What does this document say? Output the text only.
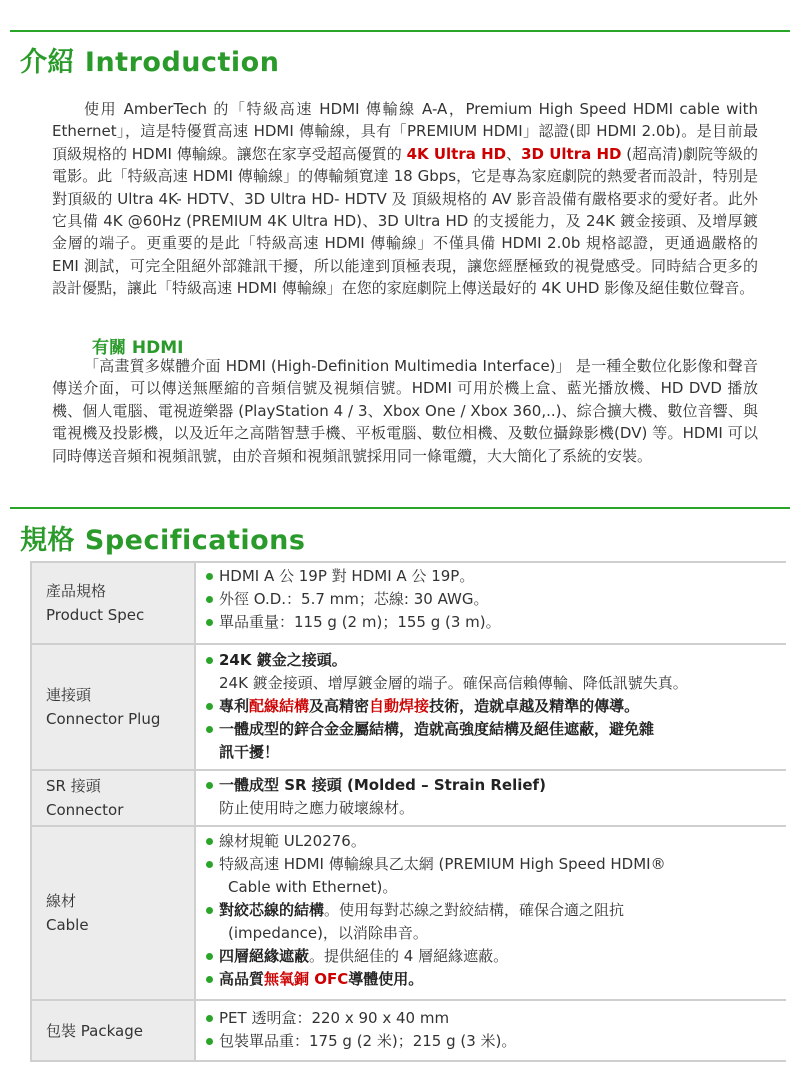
介紹 Introduction
使用 AmberTech 的「特級高速 HDMI 傳輸線 A-A，Premium High Speed HDMI cable with Ethernet」，這是特優質高速 HDMI 傳輸線，具有「PREMIUM HDMI」認證(即 HDMI 2.0b)。是目前最頂級規格的 HDMI 傳輸線。讓您在家享受超高優質的 4K Ultra HD、3D Ultra HD (超高清)劇院等級的電影。此「特級高速 HDMI 傳輸線」的傳輸頻寬達 18 Gbps，它是專為家庭劇院的熱愛者而設計，特別是對頂級的 Ultra 4K- HDTV、3D Ultra HD- HDTV 及 頂級規格的 AV 影音設備有嚴格要求的愛好者。此外它具備 4K @60Hz (PREMIUM 4K Ultra HD)、3D Ultra HD 的支援能力，及 24K 鍍金接頭、及增厚鍍金層的端子。更重要的是此「特級高速 HDMI 傳輸線」不僅具備 HDMI 2.0b 規格認證，更通過嚴格的 EMI 測試，可完全阻絕外部雜訊干擾，所以能達到頂極表現，讓您經歷極致的視覺感受。同時結合更多的設計優點，讓此「特級高速 HDMI 傳輸線」在您的家庭劇院上傳送最好的 4K UHD 影像及絕佳數位聲音。
有關 HDMI
「高畫質多媒體介面 HDMI (High-Definition Multimedia Interface)」 是一種全數位化影像和聲音傳送介面，可以傳送無壓縮的音頻信號及視頻信號。HDMI 可用於機上盒、藍光播放機、HD DVD 播放機、個人電腦、電視遊樂器 (PlayStation 4 / 3、Xbox One / Xbox 360,..)、綜合擴大機、數位音響、與電視機及投影機，以及近年之高階智慧手機、平板電腦、數位相機、及數位攝錄影機(DV) 等。HDMI 可以同時傳送音頻和視頻訊號，由於音頻和視頻訊號採用同一條電纜，大大簡化了系統的安裝。
規格 Specifications
產品規格
Product Spec
HDMI A 公 19P 對 HDMI A 公 19P。
外徑 O.D.：5.7 mm；芯線: 30 AWG。
單品重量：115 g (2 m)；155 g (3 m)。
連接頭
Connector Plug
24K 鍍金之接頭。
24K 鍍金接頭、增厚鍍金層的端子。確保高信賴傳輸、降低訊號失真。
專利配線結構及高精密自動焊接技術，造就卓越及精準的傳導。
一體成型的鋅合金金屬結構，造就高強度結構及絕佳遮蔽，避免雜
訊干擾！
SR 接頭
Connector
一體成型 SR 接頭 (Molded – Strain Relief)
防止使用時之應力破壞線材。
線材
Cable
線材規範 UL20276。
特級高速 HDMI 傳輸線具乙太網 (PREMIUM High Speed HDMI®
Cable with Ethernet)。
對絞芯線的結構。使用每對芯線之對絞結構，確保合適之阻抗
(impedance)，以消除串音。
四層絕緣遮蔽。提供絕佳的 4 層絕緣遮蔽。
高品質無氧銅 OFC導體使用。
包裝 Package
PET 透明盒：220 x 90 x 40 mm
包裝單品重：175 g (2 米)；215 g (3 米)。
